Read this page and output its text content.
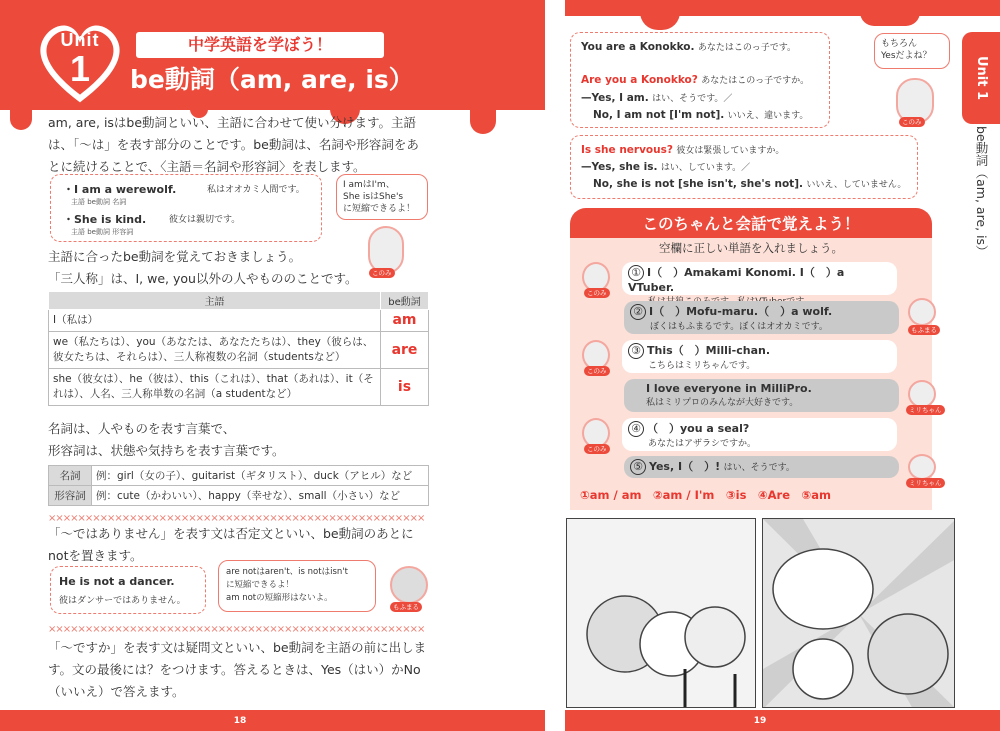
Unit
1
中学英語を学ぼう！
be動詞（am, are, is）
am, are, isはbe動詞といい、主語に合わせて使い分けます。主語
は、「～は」を表す部分のことです。be動詞は、名詞や形容詞をあ
とに続けることで、〈主語＝名詞や形容詞〉を表します。
・I am a werewolf.	私はオオカミ人間です。
主語 be動詞 名詞
・She is kind.	彼女は親切です。
主語 be動詞 形容詞
I amはI'm、
She isはShe's
に短縮できるよ！
このみ
主語に合ったbe動詞を覚えておきましょう。
「三人称」は、I, we, you以外の人やもののことです。
主語	be動詞
I（私は）	am
we（私たちは）、you（あなたは、あなたたちは）、they（彼らは、彼女たちは、それらは）、三人称複数の名詞（studentsなど）	are
she（彼女は）、he（彼は）、this（これは）、that（あれは）、it（それは）、人名、三人称単数の名詞（a studentなど）	is
名詞は、人やものを表す言葉で、
形容詞は、状態や気持ちを表す言葉です。
名詞	例：girl（女の子）、guitarist（ギタリスト）、duck（アヒル）など
形容詞	例：cute（かわいい）、happy（幸せな）、small（小さい）など
×××××××××××××××××××××××××××××××××××××××××××××××××××
「～ではありません」を表す文は否定文といい、be動詞のあとに
notを置きます。
He is not a dancer.
彼はダンサーではありません。
are notはaren't、is notはisn't
に短縮できるよ！
am notの短縮形はないよ。
もふまる
×××××××××××××××××××××××××××××××××××××××××××××××××××
「～ですか」を表す文は疑問文といい、be動詞を主語の前に出しま
す。文の最後には？をつけます。答えるときは、Yes（はい）かNo
（いいえ）で答えます。
You are a Konokko. あなたはこのっ子です。
Are you a Konokko? あなたはこのっ子ですか。
—Yes, I am. はい、そうです。／
No, I am not [I'm not]. いいえ、違います。
もちろん
Yesだよね？
このみ
Is she nervous? 彼女は緊張していますか。
—Yes, she is. はい、しています。／
No, she is not [she isn't, she's not]. いいえ、していません。
Unit 1
be動詞（am, are, is）
このちゃんと会話で覚えよう！
空欄に正しい単語を入れましょう。
① I（　）Amakami Konomi. I（　）a VTuber.
② I（　）Mofu-maru.（　）a wolf.
ぼくはもふまるです。ぼくはオオカミです。
③ This（　）Milli-chan.
こちらはミリちゃんです。
I love everyone in MilliPro.
私はミリプロのみんなが大好きです。
④ （　）you a seal?
あなたはアザラシですか。
⑤ Yes, I（　）! はい、そうです。
このみ
もふまる
このみ
ミリちゃん
このみ
ミリちゃん
①am / am　②am / I'm　③is　④Are　⑤am
18	19
